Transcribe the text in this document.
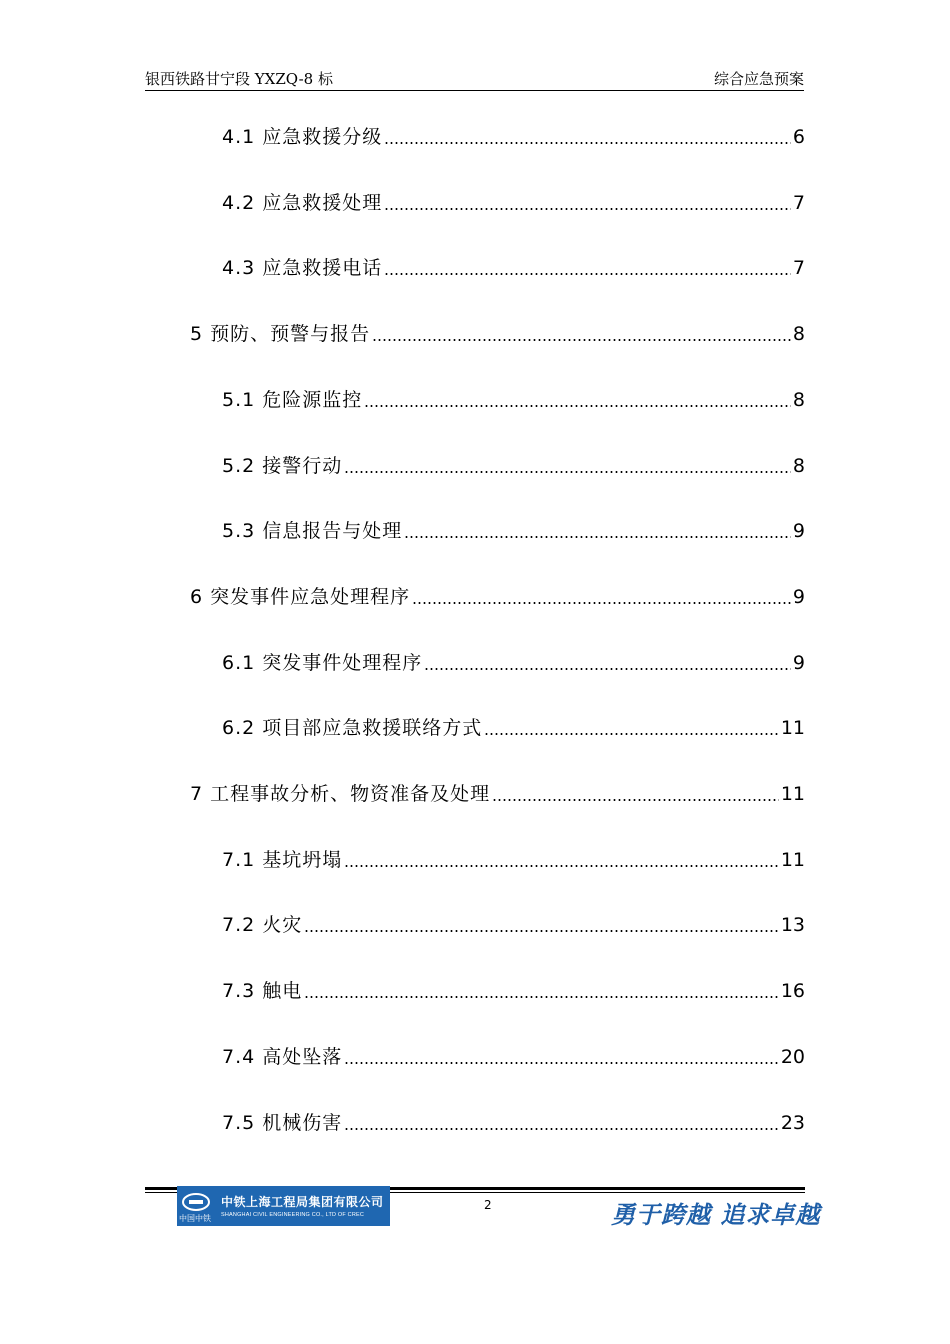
银西铁路甘宁段 YXZQ-8 标	综合应急预案
4.1 应急救援分级	6
4.2 应急救援处理	7
4.3 应急救援电话	7
5 预防、预警与报告	8
5.1 危险源监控	8
5.2 接警行动	8
5.3 信息报告与处理	9
6 突发事件应急处理程序	9
6.1 突发事件处理程序	9
6.2 项目部应急救援联络方式	11
7 工程事故分析、物资准备及处理	11
7.1 基坑坍塌	11
7.2 火灾	13
7.3 触电	16
7.4 高处坠落	20
7.5 机械伤害	23
中国中铁
中铁上海工程局集团有限公司
SHANGHAI CIVIL ENGINEERING CO., LTD OF CREC
2	勇于跨越 追求卓越
